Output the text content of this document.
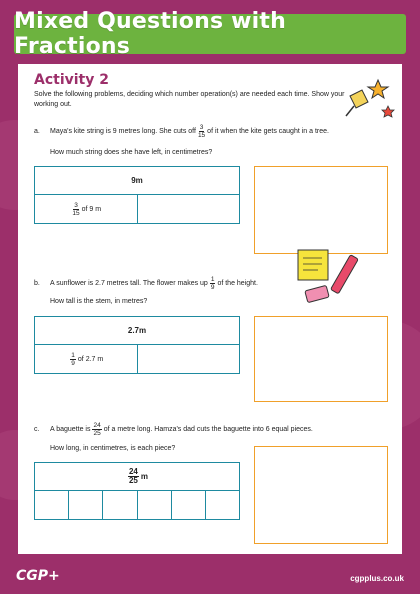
Mixed Questions with Fractions
Activity 2
Solve the following problems, deciding which number operation(s) are needed each time. Show your working out.
a.	Maya's kite string is 9 metres long. She cuts off $\frac{3}{15}$ of it when the kite gets caught in a tree.
How much string does she have left, in centimetres?
9m
$\frac{3}{15}$ of 9 m
b.	A sunflower is 2.7 metres tall. The flower makes up $\frac{1}{9}$ of the height.
How tall is the stem, in metres?
2.7m
$\frac{1}{9}$ of 2.7 m
c.	A baguette is $\frac{24}{25}$ of a metre long. Hamza's dad cuts the baguette into 6 equal pieces.
How long, in centimetres, is each piece?
$\frac{24}{25}$ m
CGP+	cgpplus.co.uk
